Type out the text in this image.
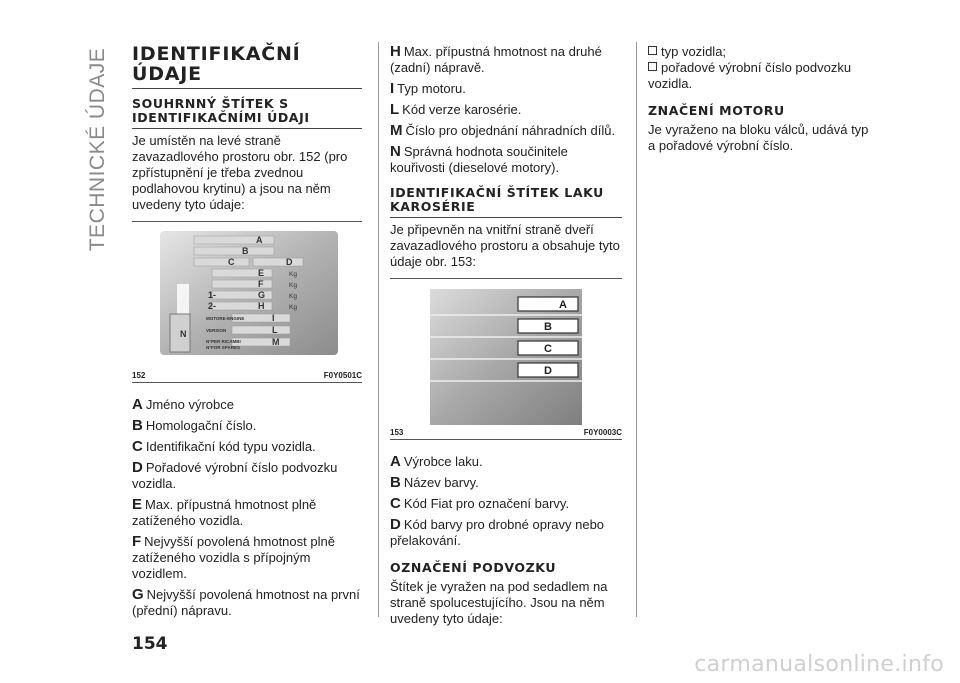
TECHNICKÉ ÚDAJE IDENTIFIKAČNÍ ÚDAJE
SOUHRNNÝ ŠTÍTEK S IDENTIFIKAČNÍMI ÚDAJI

Je umístěn na levé straně zavazadlového prostoru obr. 152 (pro zpřístupnění je třeba zvednou podlahovou krytinu) a jsou na něm uvedeny tyto údaje:

A
B
C	D
E
F
G
H
I
L
M
N
1-
2-
Kg
Kg
Kg
Kg
MOTORE-ENGINE
VERSION
N°PER RICAMBI
N°FOR SPARES
152	F0Y0501C
A Jméno výrobce
B Homologační číslo.
C Identifikační kód typu vozidla.
D Pořadové výrobní číslo podvozku vozidla.
E Max. přípustná hmotnost plně zatíženého vozidla.
F Nejvyšší povolená hmotnost plně zatíženého vozidla s přípojným vozidlem.
G Nejvyšší povolená hmotnost na první (přední) nápravu.
H Max. přípustná hmotnost na druhé (zadní) nápravě.
I Typ motoru.
L Kód verze karosérie.
M Číslo pro objednání náhradních dílů.
N Správná hodnota součinitele kouřivosti (dieselové motory).
IDENTIFIKAČNÍ ŠTÍTEK LAKU KAROSÉRIE

Je připevněn na vnitřní straně dveří zavazadlového prostoru a obsahuje tyto údaje obr. 153:

A
B
C
D
153	F0Y0003C
A Výrobce laku.
B Název barvy.
C Kód Fiat pro označení barvy.
D Kód barvy pro drobné opravy nebo přelakování.
OZNAČENÍ PODVOZKU

Štítek je vyražen na pod sedadlem na straně spolucestujícího. Jsou na něm uvedeny tyto údaje:

typ vozidla;
pořadové výrobní číslo podvozku vozidla.
ZNAČENÍ MOTORU

Je vyraženo na bloku válců, udává typ a pořadové výrobní číslo.

154
carmanualsonline.info
